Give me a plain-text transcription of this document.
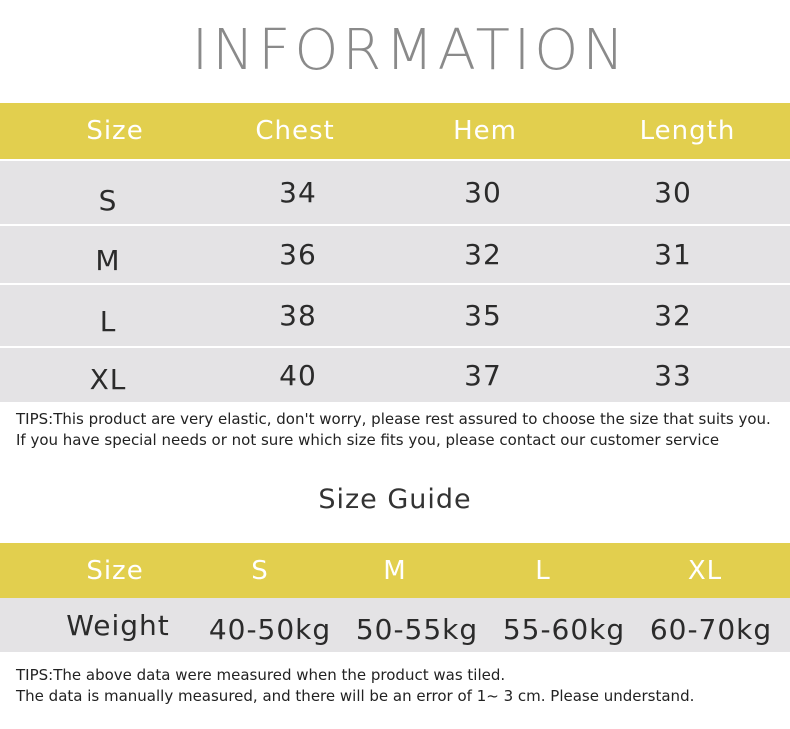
INFORMATION
Size	Chest	Hem	Length
S	34	30	30
M	36	32	31
L	38	35	32
XL	40	37	33
TIPS:This product are very elastic, don't worry, please rest assured to choose the size that suits you.
If you have special needs or not sure which size fits you, please contact our customer service
Size Guide
Size	S	M	L	XL
Weight 40-50kg 50-55kg 55-60kg 60-70kg
TIPS:The above data were measured when the product was tiled.
The data is manually measured, and there will be an error of 1~ 3 cm. Please understand.
